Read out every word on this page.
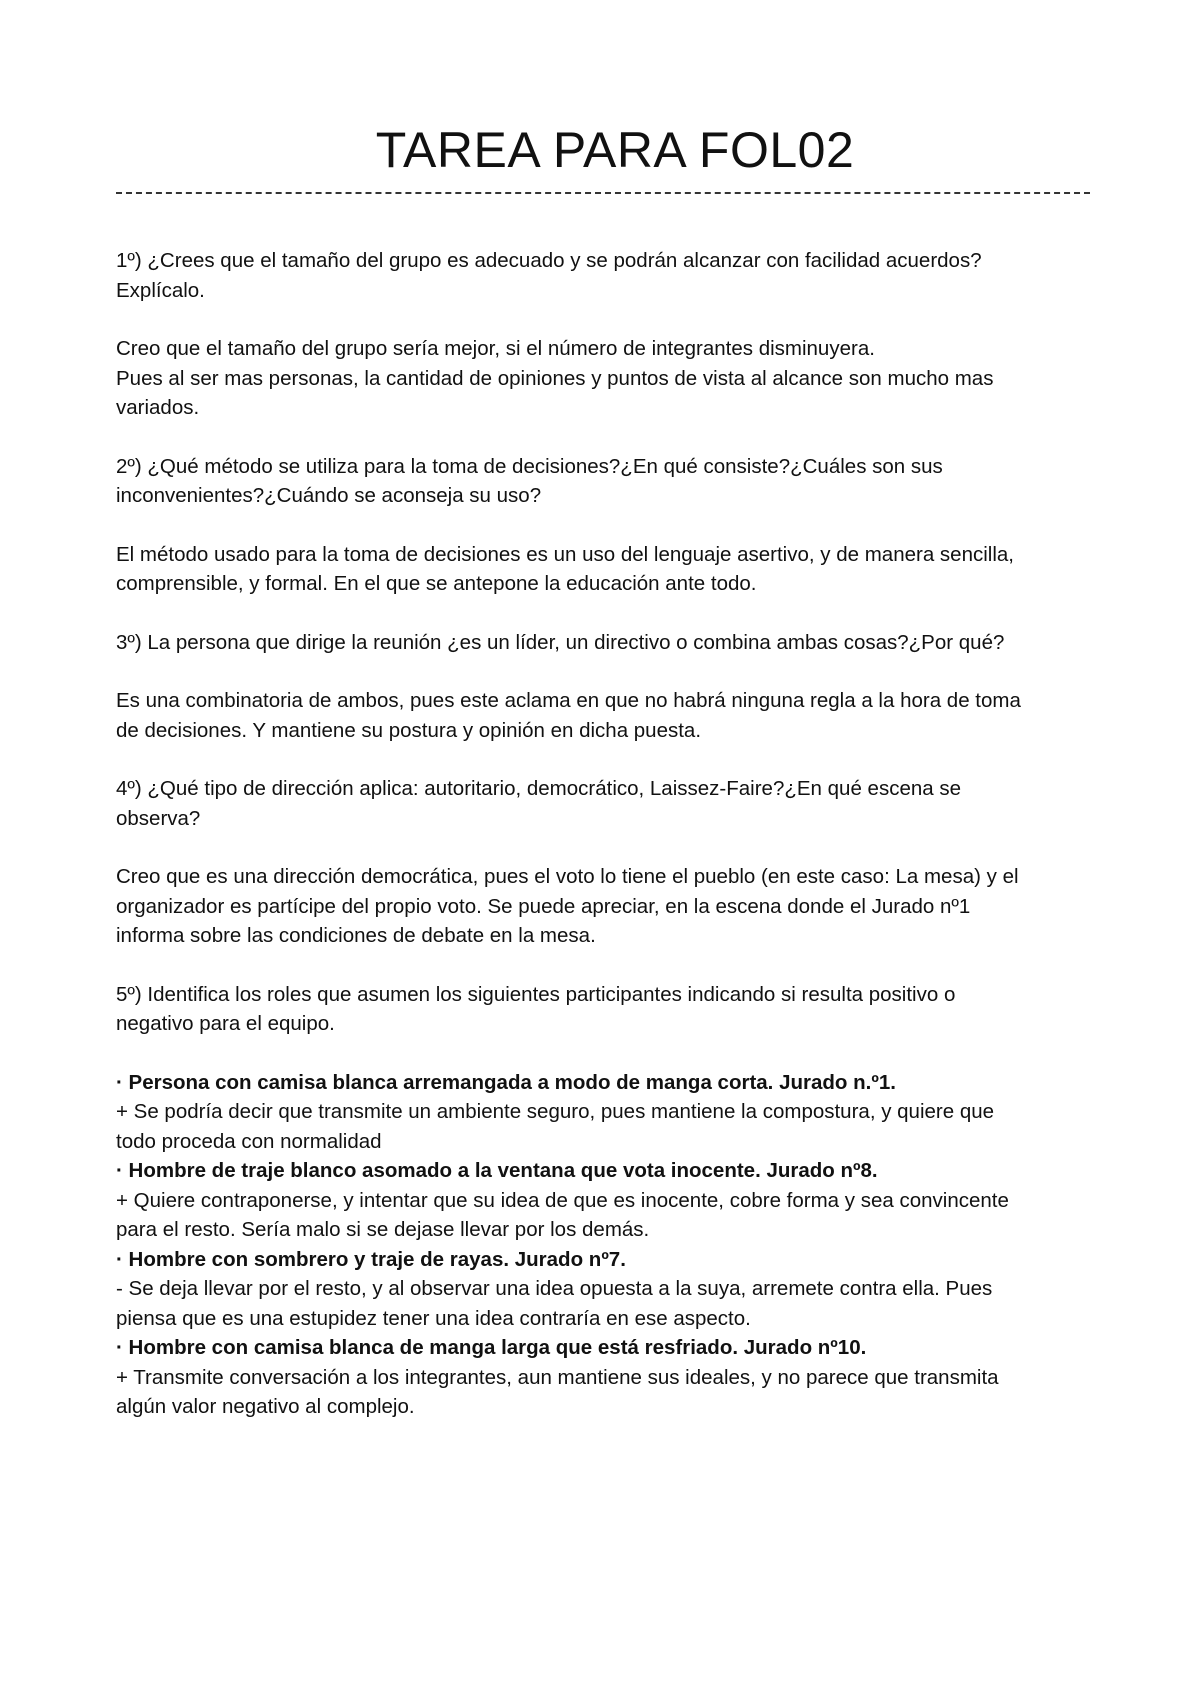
TAREA PARA FOL02

1º) ¿Crees que el tamaño del grupo es adecuado y se podrán alcanzar con facilidad acuerdos?

Explícalo.

Creo que el tamaño del grupo sería mejor, si el número de integrantes disminuyera.

Pues al ser mas personas, la cantidad de opiniones y puntos de vista al alcance son mucho mas

variados.

2º) ¿Qué método se utiliza para la toma de decisiones?¿En qué consiste?¿Cuáles son sus

inconvenientes?¿Cuándo se aconseja su uso?

El método usado para la toma de decisiones es un uso del lenguaje asertivo, y de manera sencilla,

comprensible, y formal. En el que se antepone la educación ante todo.

3º) La persona que dirige la reunión ¿es un líder, un directivo o combina ambas cosas?¿Por qué?

Es una combinatoria de ambos, pues este aclama en que no habrá ninguna regla a la hora de toma

de decisiones. Y mantiene su postura y opinión en dicha puesta.

4º) ¿Qué tipo de dirección aplica: autoritario, democrático, Laissez-Faire?¿En qué escena se

observa?

Creo que es una dirección democrática, pues el voto lo tiene el pueblo (en este caso: La mesa) y el

organizador es partícipe del propio voto. Se puede apreciar, en la escena donde el Jurado nº1

informa sobre las condiciones de debate en la mesa.

5º) Identifica los roles que asumen los siguientes participantes indicando si resulta positivo o

negativo para el equipo.

· Persona con camisa blanca arremangada a modo de manga corta. Jurado n.º1.

+ Se podría decir que transmite un ambiente seguro, pues mantiene la compostura, y quiere que

todo proceda con normalidad

· Hombre de traje blanco asomado a la ventana que vota inocente. Jurado nº8.

+ Quiere contraponerse, y intentar que su idea de que es inocente, cobre forma y sea convincente

para el resto. Sería malo si se dejase llevar por los demás.

· Hombre con sombrero y traje de rayas. Jurado nº7.

- Se deja llevar por el resto, y al observar una idea opuesta a la suya, arremete contra ella. Pues

piensa que es una estupidez tener una idea contraría en ese aspecto.

· Hombre con camisa blanca de manga larga que está resfriado. Jurado nº10.

+ Transmite conversación a los integrantes, aun mantiene sus ideales, y no parece que transmita

algún valor negativo al complejo.
